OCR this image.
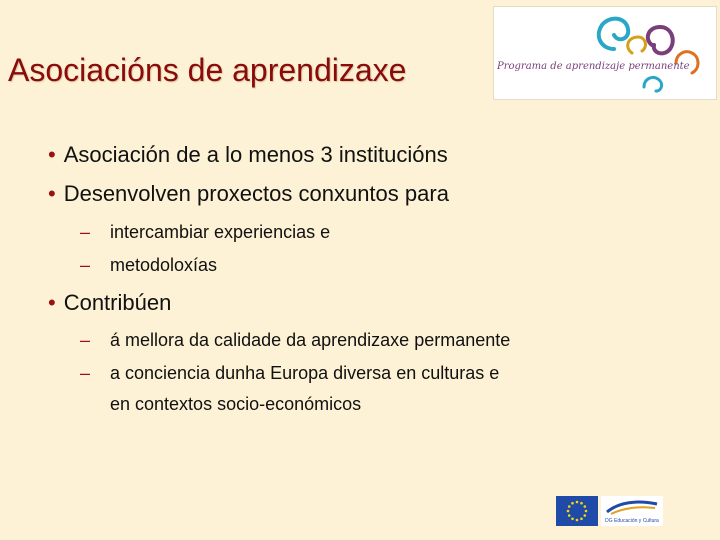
Asociacións de aprendizaxe	Programa de aprendizaje permanente
• Asociación de a lo menos 3 institucións
• Desenvolven proxectos conxuntos para
– intercambiar experiencias e
– metodoloxías
• Contribúen
– á mellora da calidade da aprendizaxe permanente
– a conciencia dunha Europa diversa en culturas e
en contextos socio-económicos
DG Educación y Cultura
